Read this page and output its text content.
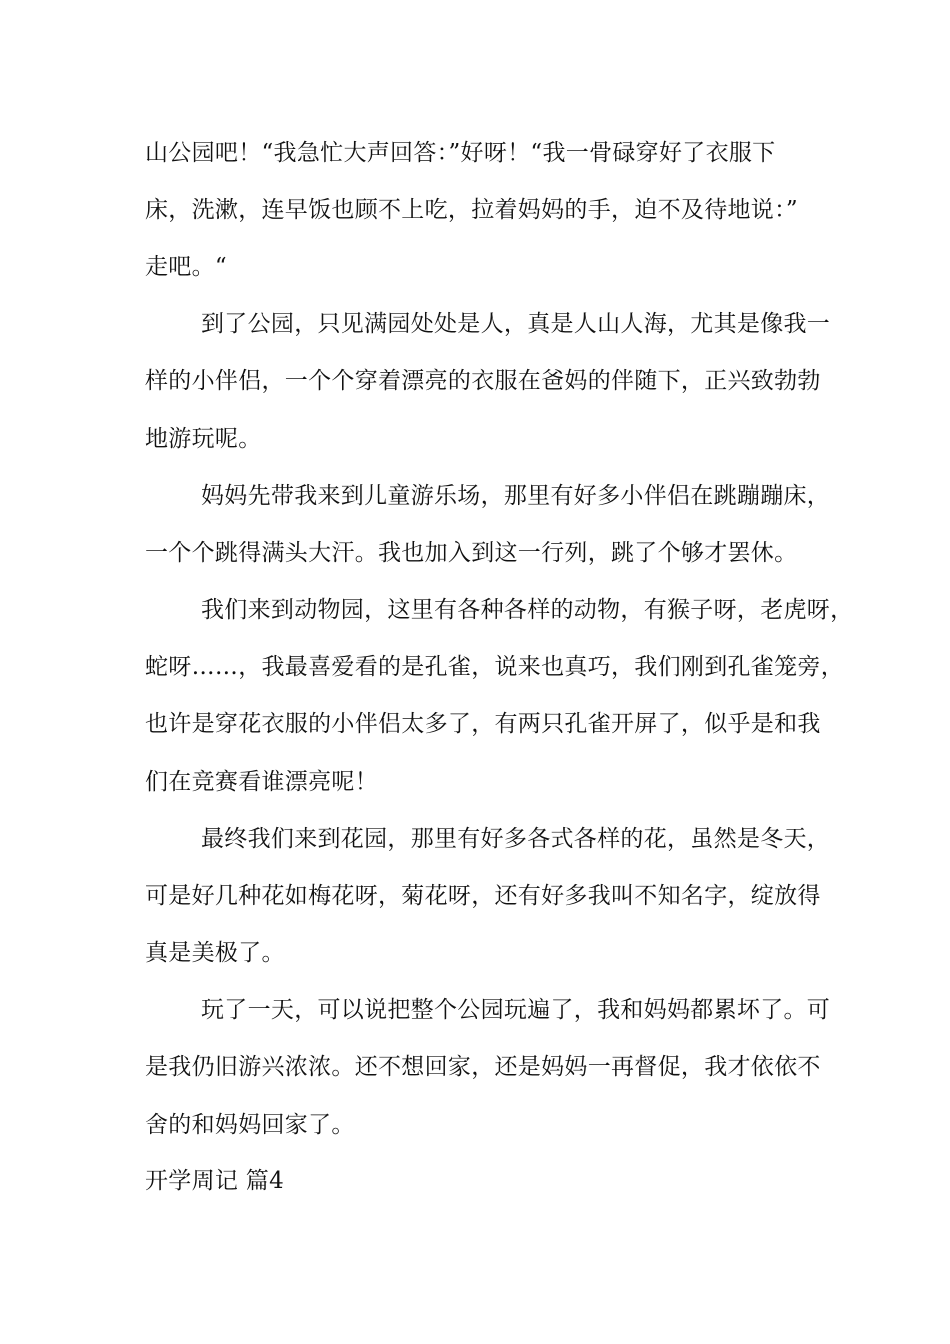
山公园吧！“我急忙大声回答：”好呀！“我一骨碌穿好了衣服下
床，洗漱，连早饭也顾不上吃，拉着妈妈的手，迫不及待地说：”
走吧。“
到了公园，只见满园处处是人，真是人山人海，尤其是像我一
样的小伴侣，一个个穿着漂亮的衣服在爸妈的伴随下，正兴致勃勃
地游玩呢。
妈妈先带我来到儿童游乐场，那里有好多小伴侣在跳蹦蹦床，
一个个跳得满头大汗。我也加入到这一行列，跳了个够才罢休。
我们来到动物园，这里有各种各样的动物，有猴子呀，老虎呀，
蛇呀……，我最喜爱看的是孔雀，说来也真巧，我们刚到孔雀笼旁，
也许是穿花衣服的小伴侣太多了，有两只孔雀开屏了，似乎是和我
们在竞赛看谁漂亮呢！
最终我们来到花园，那里有好多各式各样的花，虽然是冬天，
可是好几种花如梅花呀，菊花呀，还有好多我叫不知名字，绽放得
真是美极了。
玩了一天，可以说把整个公园玩遍了，我和妈妈都累坏了。可
是我仍旧游兴浓浓。还不想回家，还是妈妈一再督促，我才依依不
舍的和妈妈回家了。
开学周记 篇4
